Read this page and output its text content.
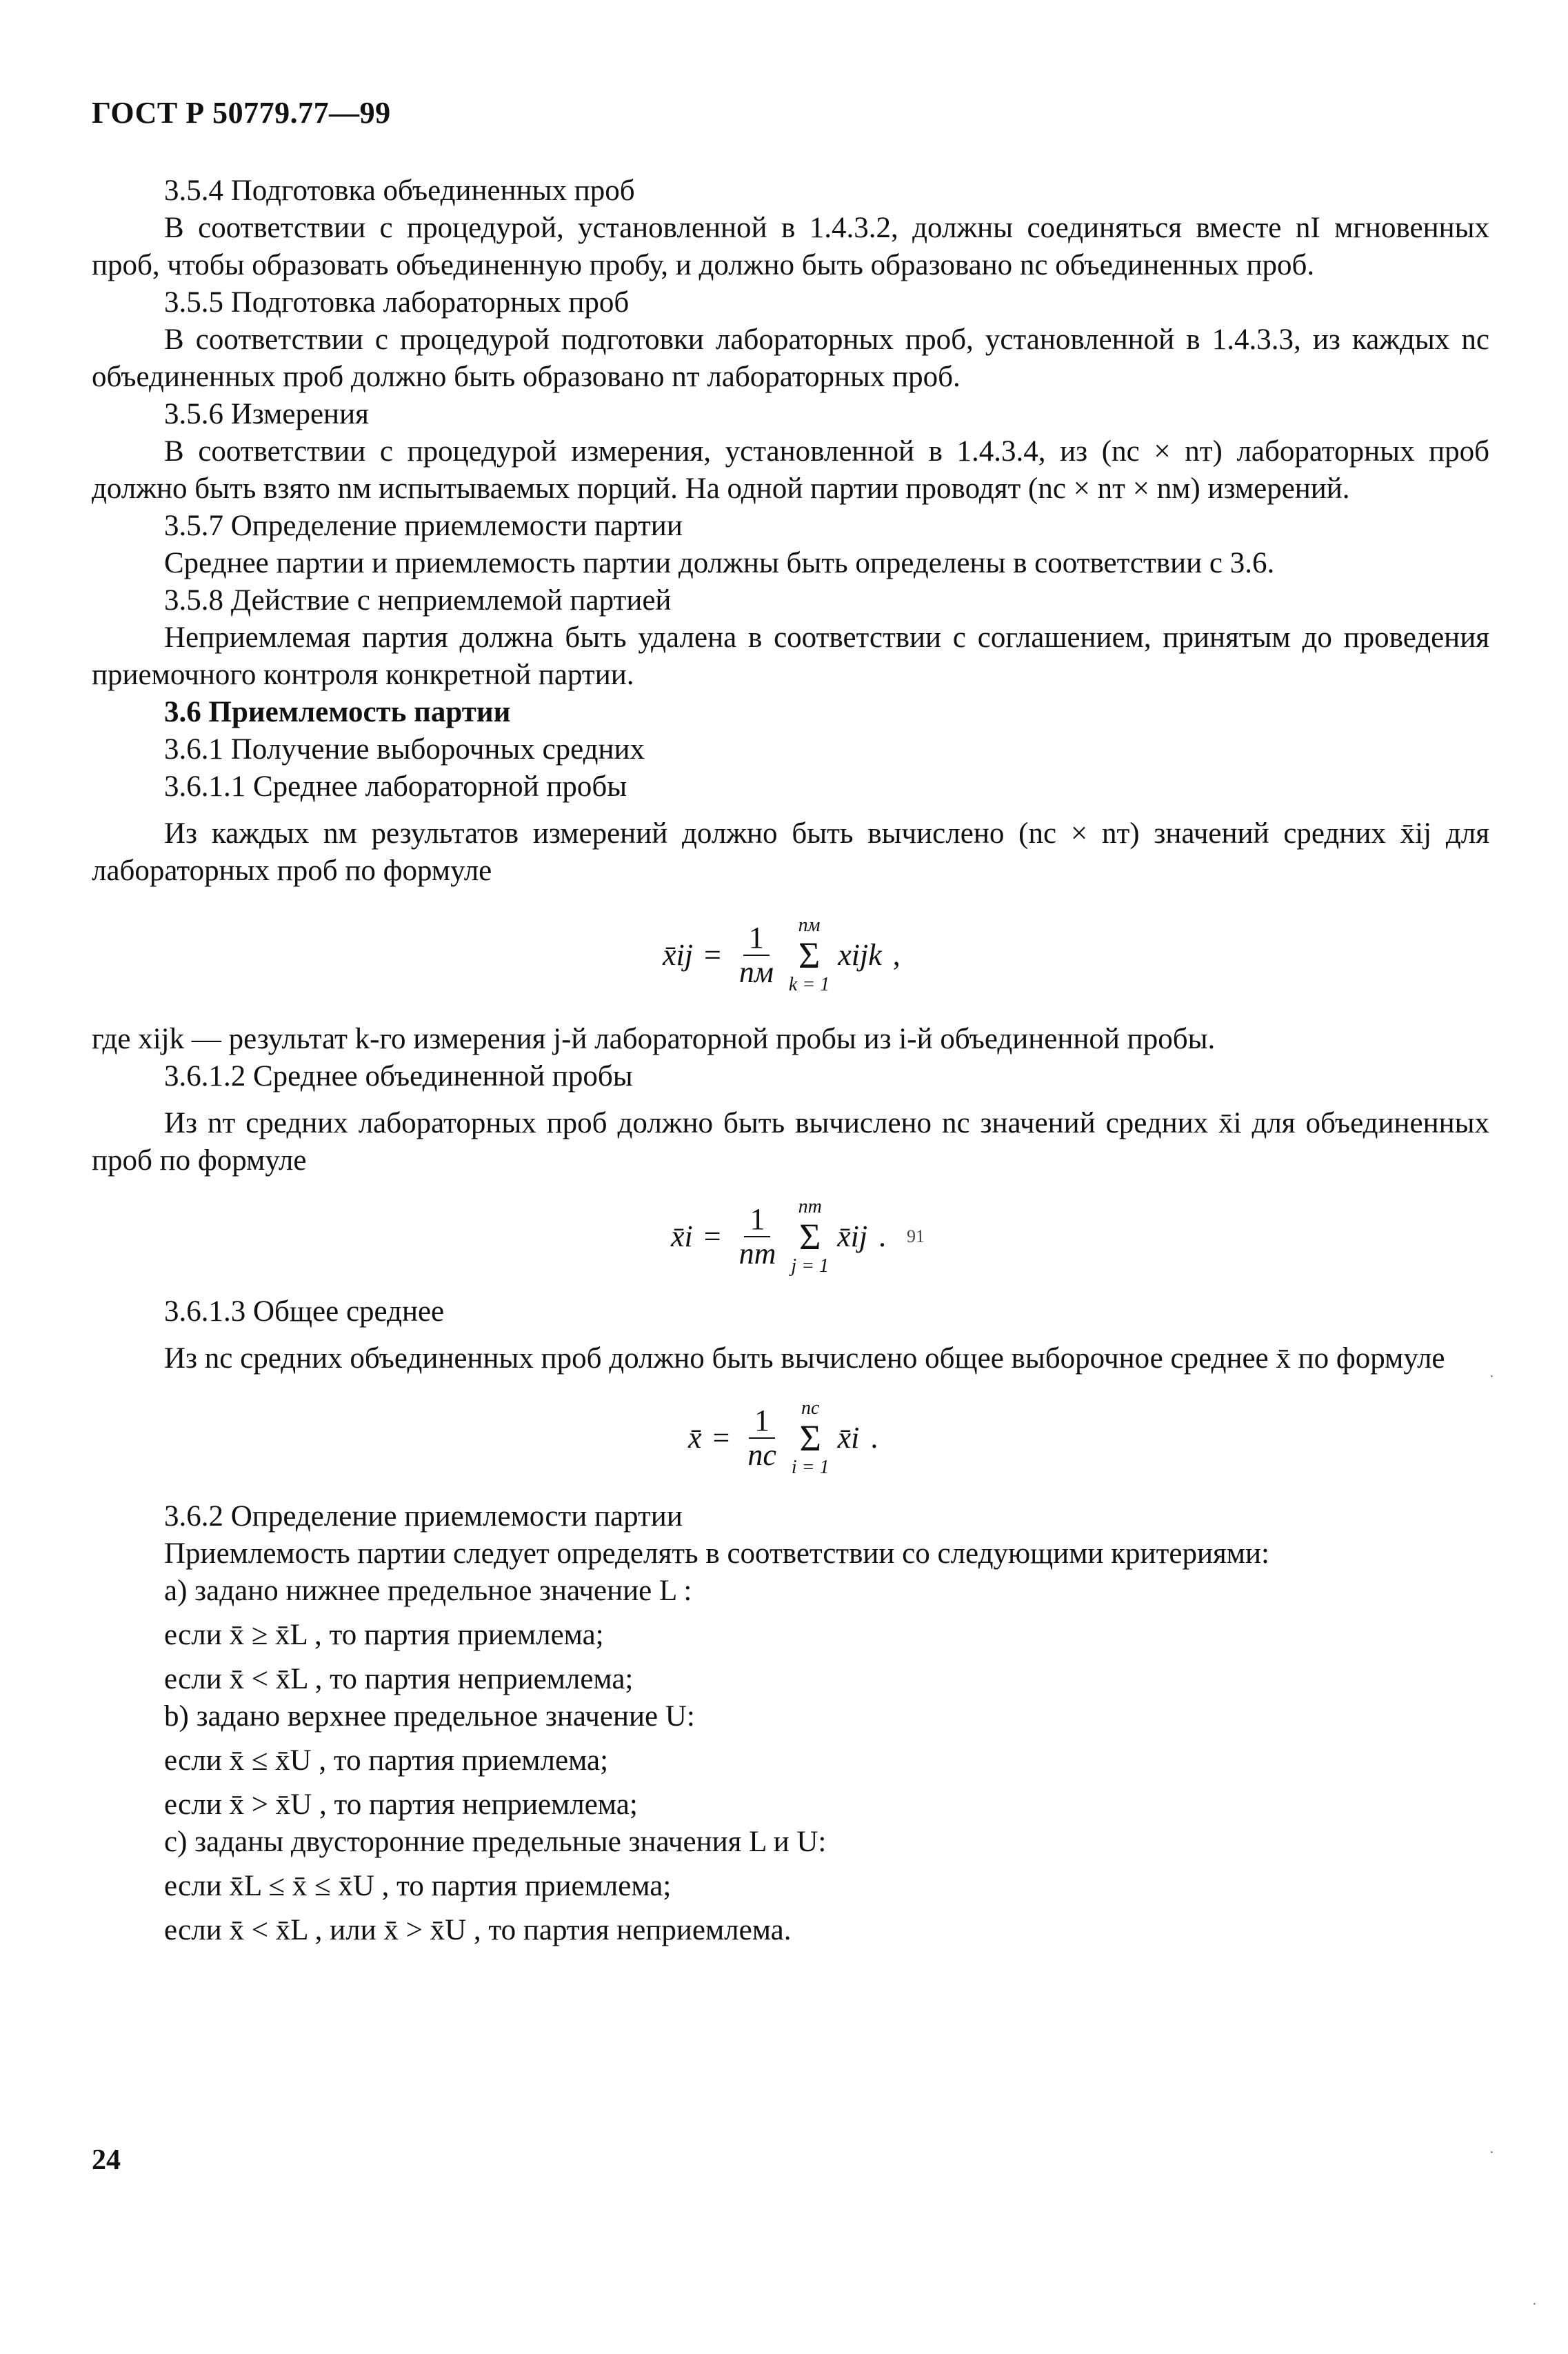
ГОСТ Р 50779.77—99

3.5.4 Подготовка объединенных проб

В соответствии с процедурой, установленной в 1.4.3.2, должны соединяться вместе nI мгновенных проб, чтобы образовать объединенную пробу, и должно быть образовано nс объединенных проб.

3.5.5 Подготовка лабораторных проб

В соответствии с процедурой подготовки лабораторных проб, установленной в 1.4.3.3, из каждых nс объединенных проб должно быть образовано nт лабораторных проб.

3.5.6 Измерения

В соответствии с процедурой измерения, установленной в 1.4.3.4, из (nс × nт) лабораторных проб должно быть взято nм испытываемых порций. На одной партии проводят (nс × nт × nм) измерений.

3.5.7 Определение приемлемости партии

Среднее партии и приемлемость партии должны быть определены в соответствии с 3.6.

3.5.8 Действие с неприемлемой партией

Неприемлемая партия должна быть удалена в соответствии с соглашением, принятым до проведения приемочного контроля конкретной партии.

3.6 Приемлемость партии

3.6.1 Получение выборочных средних

3.6.1.1 Среднее лабораторной пробы

Из каждых nм результатов измерений должно быть вычислено (nс × nт) значений средних x̄ij для лабораторных проб по формуле

x̄ij = $\frac{1}{nм}$ nм
Σ
k = 1
xijk ,

где xijk — результат k-го измерения j-й лабораторной пробы из i-й объединенной пробы.

3.6.1.2 Среднее объединенной пробы

Из nт средних лабораторных проб должно быть вычислено nс значений средних x̄i для объединенных проб по формуле

x̄i = $\frac{1}{nт}$ nт
Σ
j = 1
x̄ij . 91

3.6.1.3 Общее среднее

Из nс средних объединенных проб должно быть вычислено общее выборочное среднее x̄ по формуле

x̄ = $\frac{1}{nс}$ nс
Σ
i = 1
x̄i .

3.6.2 Определение приемлемости партии

Приемлемость партии следует определять в соответствии со следующими критериями:

а) задано нижнее предельное значение L :

если x̄ ≥ x̄L , то партия приемлема;

если x̄ < x̄L , то партия неприемлема;

b) задано верхнее предельное значение U:

если x̄ ≤ x̄U , то партия приемлема;

если x̄ > x̄U , то партия неприемлема;

с) заданы двусторонние предельные значения L и U:

если x̄L ≤ x̄ ≤ x̄U , то партия приемлема;

если x̄ < x̄L , или x̄ > x̄U , то партия неприемлема.

24
·
·
·
